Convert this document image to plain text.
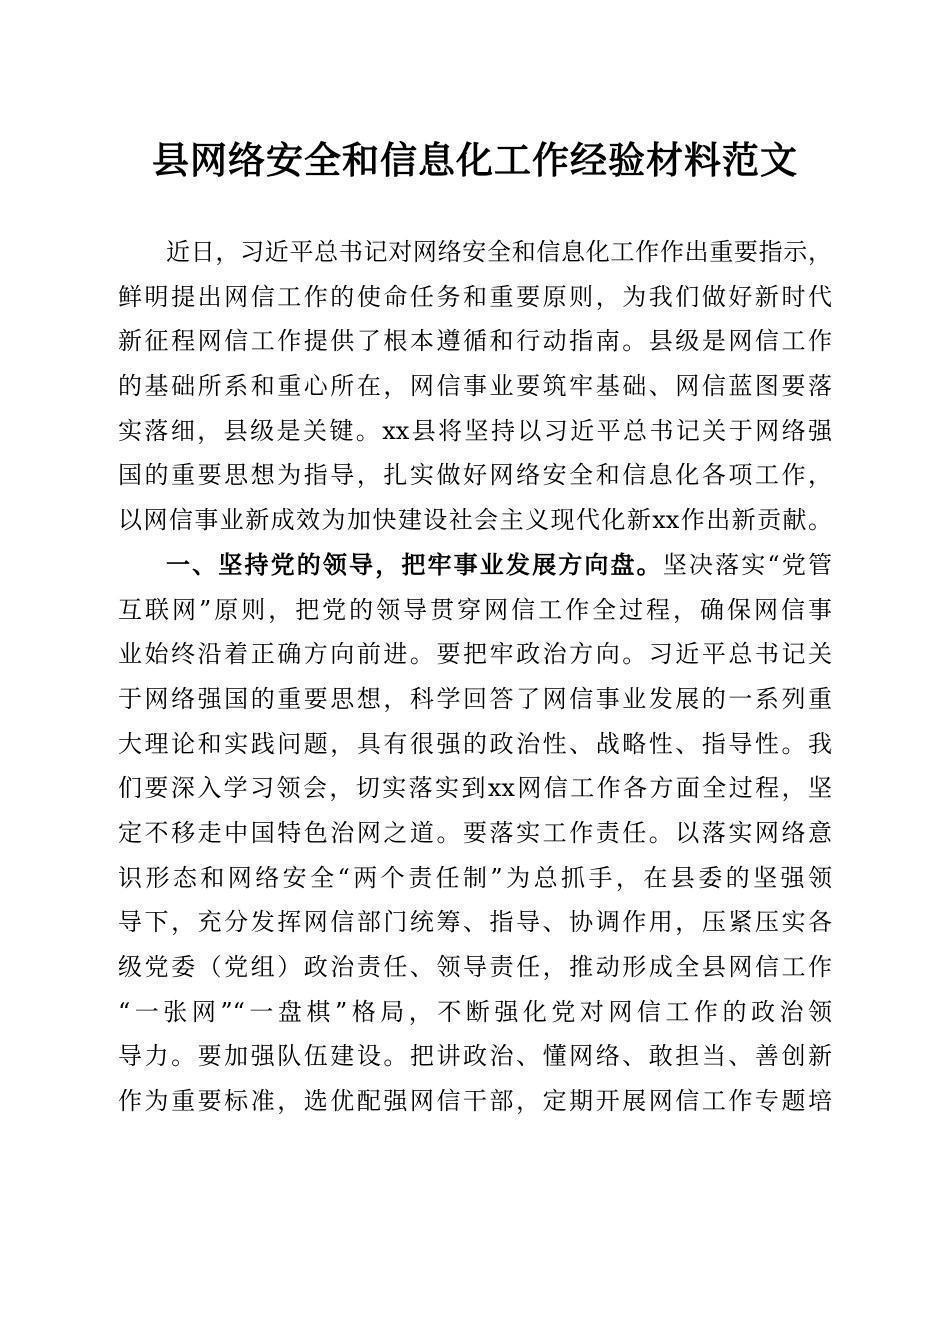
县网络安全和信息化工作经验材料范文
近日，习近平总书记对网络安全和信息化工作作出重要指示，
鲜明提出网信工作的使命任务和重要原则，为我们做好新时代
新征程网信工作提供了根本遵循和行动指南。县级是网信工作
的基础所系和重心所在，网信事业要筑牢基础、网信蓝图要落
实落细，县级是关键。xx县将坚持以习近平总书记关于网络强
国的重要思想为指导，扎实做好网络安全和信息化各项工作，
以网信事业新成效为加快建设社会主义现代化新xx作出新贡献。
一、坚持党的领导，把牢事业发展方向盘。坚决落实“党管
互联网”原则，把党的领导贯穿网信工作全过程，确保网信事
业始终沿着正确方向前进。要把牢政治方向。习近平总书记关
于网络强国的重要思想，科学回答了网信事业发展的一系列重
大理论和实践问题，具有很强的政治性、战略性、指导性。我
们要深入学习领会，切实落实到xx网信工作各方面全过程，坚
定不移走中国特色治网之道。要落实工作责任。以落实网络意
识形态和网络安全“两个责任制”为总抓手，在县委的坚强领
导下，充分发挥网信部门统筹、指导、协调作用，压紧压实各
级党委（党组）政治责任、领导责任，推动形成全县网信工作
“一张网”“一盘棋”格局，不断强化党对网信工作的政治领
导力。要加强队伍建设。把讲政治、懂网络、敢担当、善创新
作为重要标准，选优配强网信干部，定期开展网信工作专题培
